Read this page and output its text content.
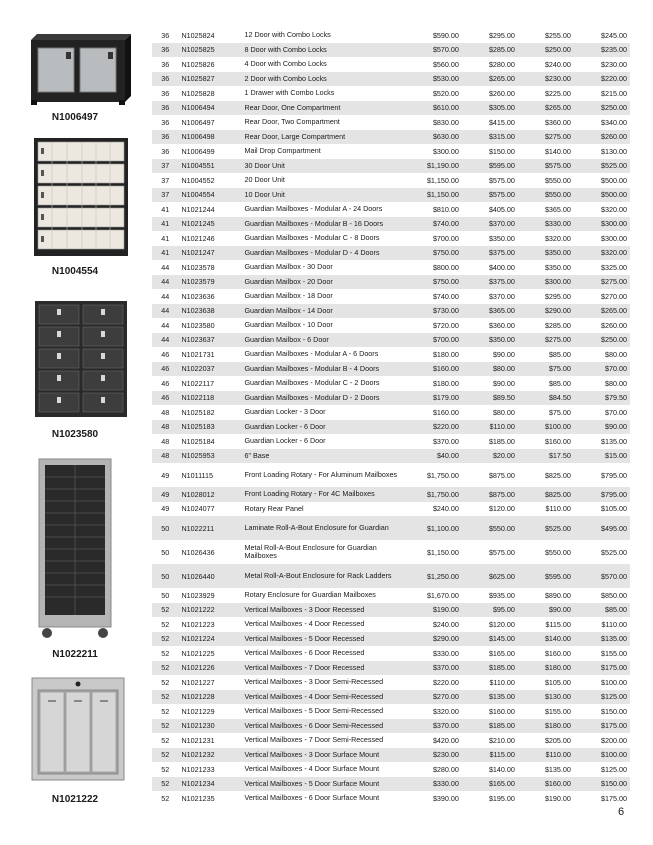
N1006497
N1004554
N1023580
N1022211
N1021222
36	N1025824	12 Door with Combo Locks	$590.00	$295.00	$255.00	$245.00
36	N1025825	8 Door with Combo Locks	$570.00	$285.00	$250.00	$235.00
36	N1025826	4 Door with Combo Locks	$560.00	$280.00	$240.00	$230.00
36	N1025827	2 Door with Combo Locks	$530.00	$265.00	$230.00	$220.00
36	N1025828	1 Drawer with Combo Locks	$520.00	$260.00	$225.00	$215.00
36	N1006494	Rear Door, One Compartment	$610.00	$305.00	$265.00	$250.00
36	N1006497	Rear Door, Two Compartment	$830.00	$415.00	$360.00	$340.00
36	N1006498	Rear Door, Large Compartment	$630.00	$315.00	$275.00	$260.00
36	N1006499	Mail Drop Compartment	$300.00	$150.00	$140.00	$130.00
37	N1004551	30 Door Unit	$1,190.00	$595.00	$575.00	$525.00
37	N1004552	20 Door Unit	$1,150.00	$575.00	$550.00	$500.00
37	N1004554	10 Door Unit	$1,150.00	$575.00	$550.00	$500.00
41	N1021244	Guardian Mailboxes - Modular A - 24 Doors	$810.00	$405.00	$365.00	$320.00
41	N1021245	Guardian Mailboxes - Modular B - 16 Doors	$740.00	$370.00	$330.00	$300.00
41	N1021246	Guardian Mailboxes - Modular C - 8 Doors	$700.00	$350.00	$320.00	$300.00
41	N1021247	Guardian Mailboxes - Modular D - 4 Doors	$750.00	$375.00	$350.00	$320.00
44	N1023578	Guardian Mailbox - 30 Door	$800.00	$400.00	$350.00	$325.00
44	N1023579	Guardian Mailbox - 20 Door	$750.00	$375.00	$300.00	$275.00
44	N1023636	Guardian Mailbox - 18 Door	$740.00	$370.00	$295.00	$270.00
44	N1023638	Guardian Mailbox - 14 Door	$730.00	$365.00	$290.00	$265.00
44	N1023580	Guardian Mailbox - 10 Door	$720.00	$360.00	$285.00	$260.00
44	N1023637	Guardian Mailbox - 6 Door	$700.00	$350.00	$275.00	$250.00
46	N1021731	Guardian Mailboxes - Modular A - 6 Doors	$180.00	$90.00	$85.00	$80.00
46	N1022037	Guardian Mailboxes - Modular B - 4 Doors	$160.00	$80.00	$75.00	$70.00
46	N1022117	Guardian Mailboxes - Modular C - 2 Doors	$180.00	$90.00	$85.00	$80.00
46	N1022118	Guardian Mailboxes - Modular D - 2 Doors	$179.00	$89.50	$84.50	$79.50
48	N1025182	Guardian Locker - 3 Door	$160.00	$80.00	$75.00	$70.00
48	N1025183	Guardian Locker - 6 Door	$220.00	$110.00	$100.00	$90.00
48	N1025184	Guardian Locker - 6 Door	$370.00	$185.00	$160.00	$135.00
48	N1025953	6" Base	$40.00	$20.00	$17.50	$15.00
49	N1011115	Front Loading Rotary - For Aluminum Mailboxes	$1,750.00	$875.00	$825.00	$795.00
49	N1028012	Front Loading Rotary - For 4C Mailboxes	$1,750.00	$875.00	$825.00	$795.00
49	N1024077	Rotary Rear Panel	$240.00	$120.00	$110.00	$105.00
50	N1022211	Laminate Roll-A-Bout Enclosure for Guardian	$1,100.00	$550.00	$525.00	$495.00
50	N1026436	Metal Roll-A-Bout Enclosure for Guardian Mailboxes	$1,150.00	$575.00	$550.00	$525.00
50	N1026440	Metal Roll-A-Bout Enclosure for Rack Ladders	$1,250.00	$625.00	$595.00	$570.00
50	N1023929	Rotary Enclosure for Guardian Mailboxes	$1,670.00	$935.00	$890.00	$850.00
52	N1021222	Vertical Mailboxes - 3 Door Recessed	$190.00	$95.00	$90.00	$85.00
52	N1021223	Vertical Mailboxes - 4 Door Recessed	$240.00	$120.00	$115.00	$110.00
52	N1021224	Vertical Mailboxes - 5 Door Recessed	$290.00	$145.00	$140.00	$135.00
52	N1021225	Vertical Mailboxes - 6 Door Recessed	$330.00	$165.00	$160.00	$155.00
52	N1021226	Vertical Mailboxes - 7 Door Recessed	$370.00	$185.00	$180.00	$175.00
52	N1021227	Vertical Mailboxes - 3 Door Semi-Recessed	$220.00	$110.00	$105.00	$100.00
52	N1021228	Vertical Mailboxes - 4 Door Semi-Recessed	$270.00	$135.00	$130.00	$125.00
52	N1021229	Vertical Mailboxes - 5 Door Semi-Recessed	$320.00	$160.00	$155.00	$150.00
52	N1021230	Vertical Mailboxes - 6 Door Semi-Recessed	$370.00	$185.00	$180.00	$175.00
52	N1021231	Vertical Mailboxes - 7 Door Semi-Recessed	$420.00	$210.00	$205.00	$200.00
52	N1021232	Vertical Mailboxes - 3 Door Surface Mount	$230.00	$115.00	$110.00	$100.00
52	N1021233	Vertical Mailboxes - 4 Door Surface Mount	$280.00	$140.00	$135.00	$125.00
52	N1021234	Vertical Mailboxes - 5 Door Surface Mount	$330.00	$165.00	$160.00	$150.00
52	N1021235	Vertical Mailboxes - 6 Door Surface Mount	$390.00	$195.00	$190.00	$175.00
6
